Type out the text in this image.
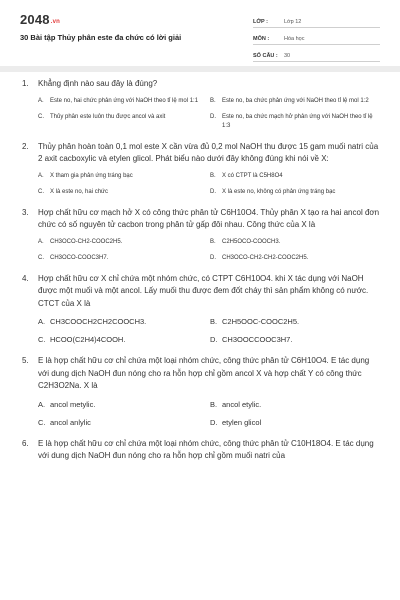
2048.vn
30 Bài tập Thủy phân este đa chức có lời giải
LỚP :	Lớp 12
MÔN :	Hóa học
SỐ CÂU :	30
1. Khẳng định nào sau đây là đúng?
A. Este no, hai chức phản ứng với NaOH theo tỉ lệ mol 1:1	B. Este no, ba chức phản ứng với NaOH theo tỉ lệ mol 1:2
C. Thủy phân este luôn thu được ancol và axit	D. Este no, ba chức mạch hở phản ứng với NaOH theo tỉ lệ 1:3
2. Thủy phân hoàn toàn 0,1 mol este X cần vừa đủ 0,2 mol NaOH thu được 15 gam muối natri của 2 axit cacboxylic và etylen glicol. Phát biểu nào dưới đây không đúng khi nói về X:
A. X tham gia phản ứng tráng bạc	B. X có CTPT là C5H8O4
C. X là este no, hai chức	D. X là este no, không có phản ứng tráng bạc
3. Hợp chất hữu cơ mạch hở X có công thức phân tử C6H10O4. Thủy phân X tạo ra hai ancol đơn chức có số nguyên tử cacbon trong phân tử gấp đôi nhau. Công thức của X là
A. CH3OCO-CH2-COOC2H5.	B. C2H5OCO-COOCH3.
C. CH3OCO-COOC3H7.	D. CH3OCO-CH2-CH2-COOC2H5.
4. Hợp chất hữu cơ X chỉ chứa một nhóm chức, có CTPT C6H10O4. khi X tác dụng với NaOH được một muối và một ancol. Lấy muối thu được đem đốt cháy thì sản phẩm không có nước. CTCT của X là
A. CH3COOCH2CH2COOCH3.	B. C2H5OOC-COOC2H5.
C. HCOO(C2H4)4COOH.	D. CH3OOCCOOC3H7.
5. E là hợp chất hữu cơ chỉ chứa một loại nhóm chức, công thức phân tử C6H10O4. E tác dụng với dung dịch NaOH đun nóng cho ra hỗn hợp chỉ gồm ancol X và hợp chất Y có công thức C2H3O2Na. X là
A. ancol metylic.	B. ancol etylic.
C. ancol anlylic	D. etylen glicol
6. E là hợp chất hữu cơ chỉ chứa một loại nhóm chức, công thức phân tử C10H18O4. E tác dụng với dung dịch NaOH đun nóng cho ra hỗn hợp chỉ gồm muối natri của
